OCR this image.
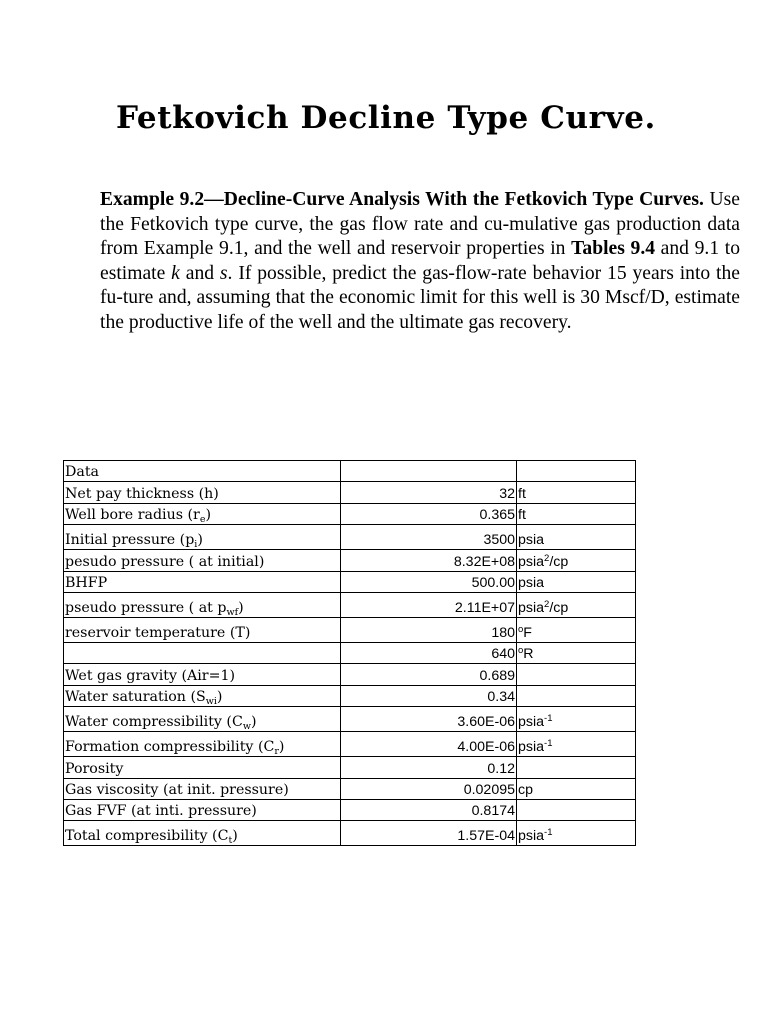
Fetkovich Decline Type Curve.
Example 9.2—Decline-Curve Analysis With the Fetkovich Type Curves. Use the Fetkovich type curve, the gas flow rate and cu-mulative gas production data from Example 9.1, and the well and reservoir properties in Tables 9.4 and 9.1 to estimate k and s. If possible, predict the gas-flow-rate behavior 15 years into the fu-ture and, assuming that the economic limit for this well is 30 Mscf/D, estimate the productive life of the well and the ultimate gas recovery.
Data		
Net pay thickness (h)	32	ft
Well bore radius $(r_e)$	0.365	ft
Initial pressure $(p_i)$	3500	psia
pesudo pressure ( at initial)	8.32E+08	psia$^2$/cp
BHFP	500.00	psia
pseudo pressure ( at $p_{wf}$)	2.11E+07	psia$^2$/cp
reservoir temperature (T)	180	$^o$F
	640	$^o$R
Wet gas gravity (Air=1)	0.689	
Water saturation $(S_{wi})$	0.34	
Water compressibility $(C_w)$	3.60E-06	psia$^{-1}$
Formation compressibility $(C_r)$	4.00E-06	psia$^{-1}$
Porosity	0.12	
Gas viscosity (at init. pressure)	0.02095	cp
Gas FVF (at inti. pressure)	0.8174	
Total compresibility $(C_t)$	1.57E-04	psia$^{-1}$
